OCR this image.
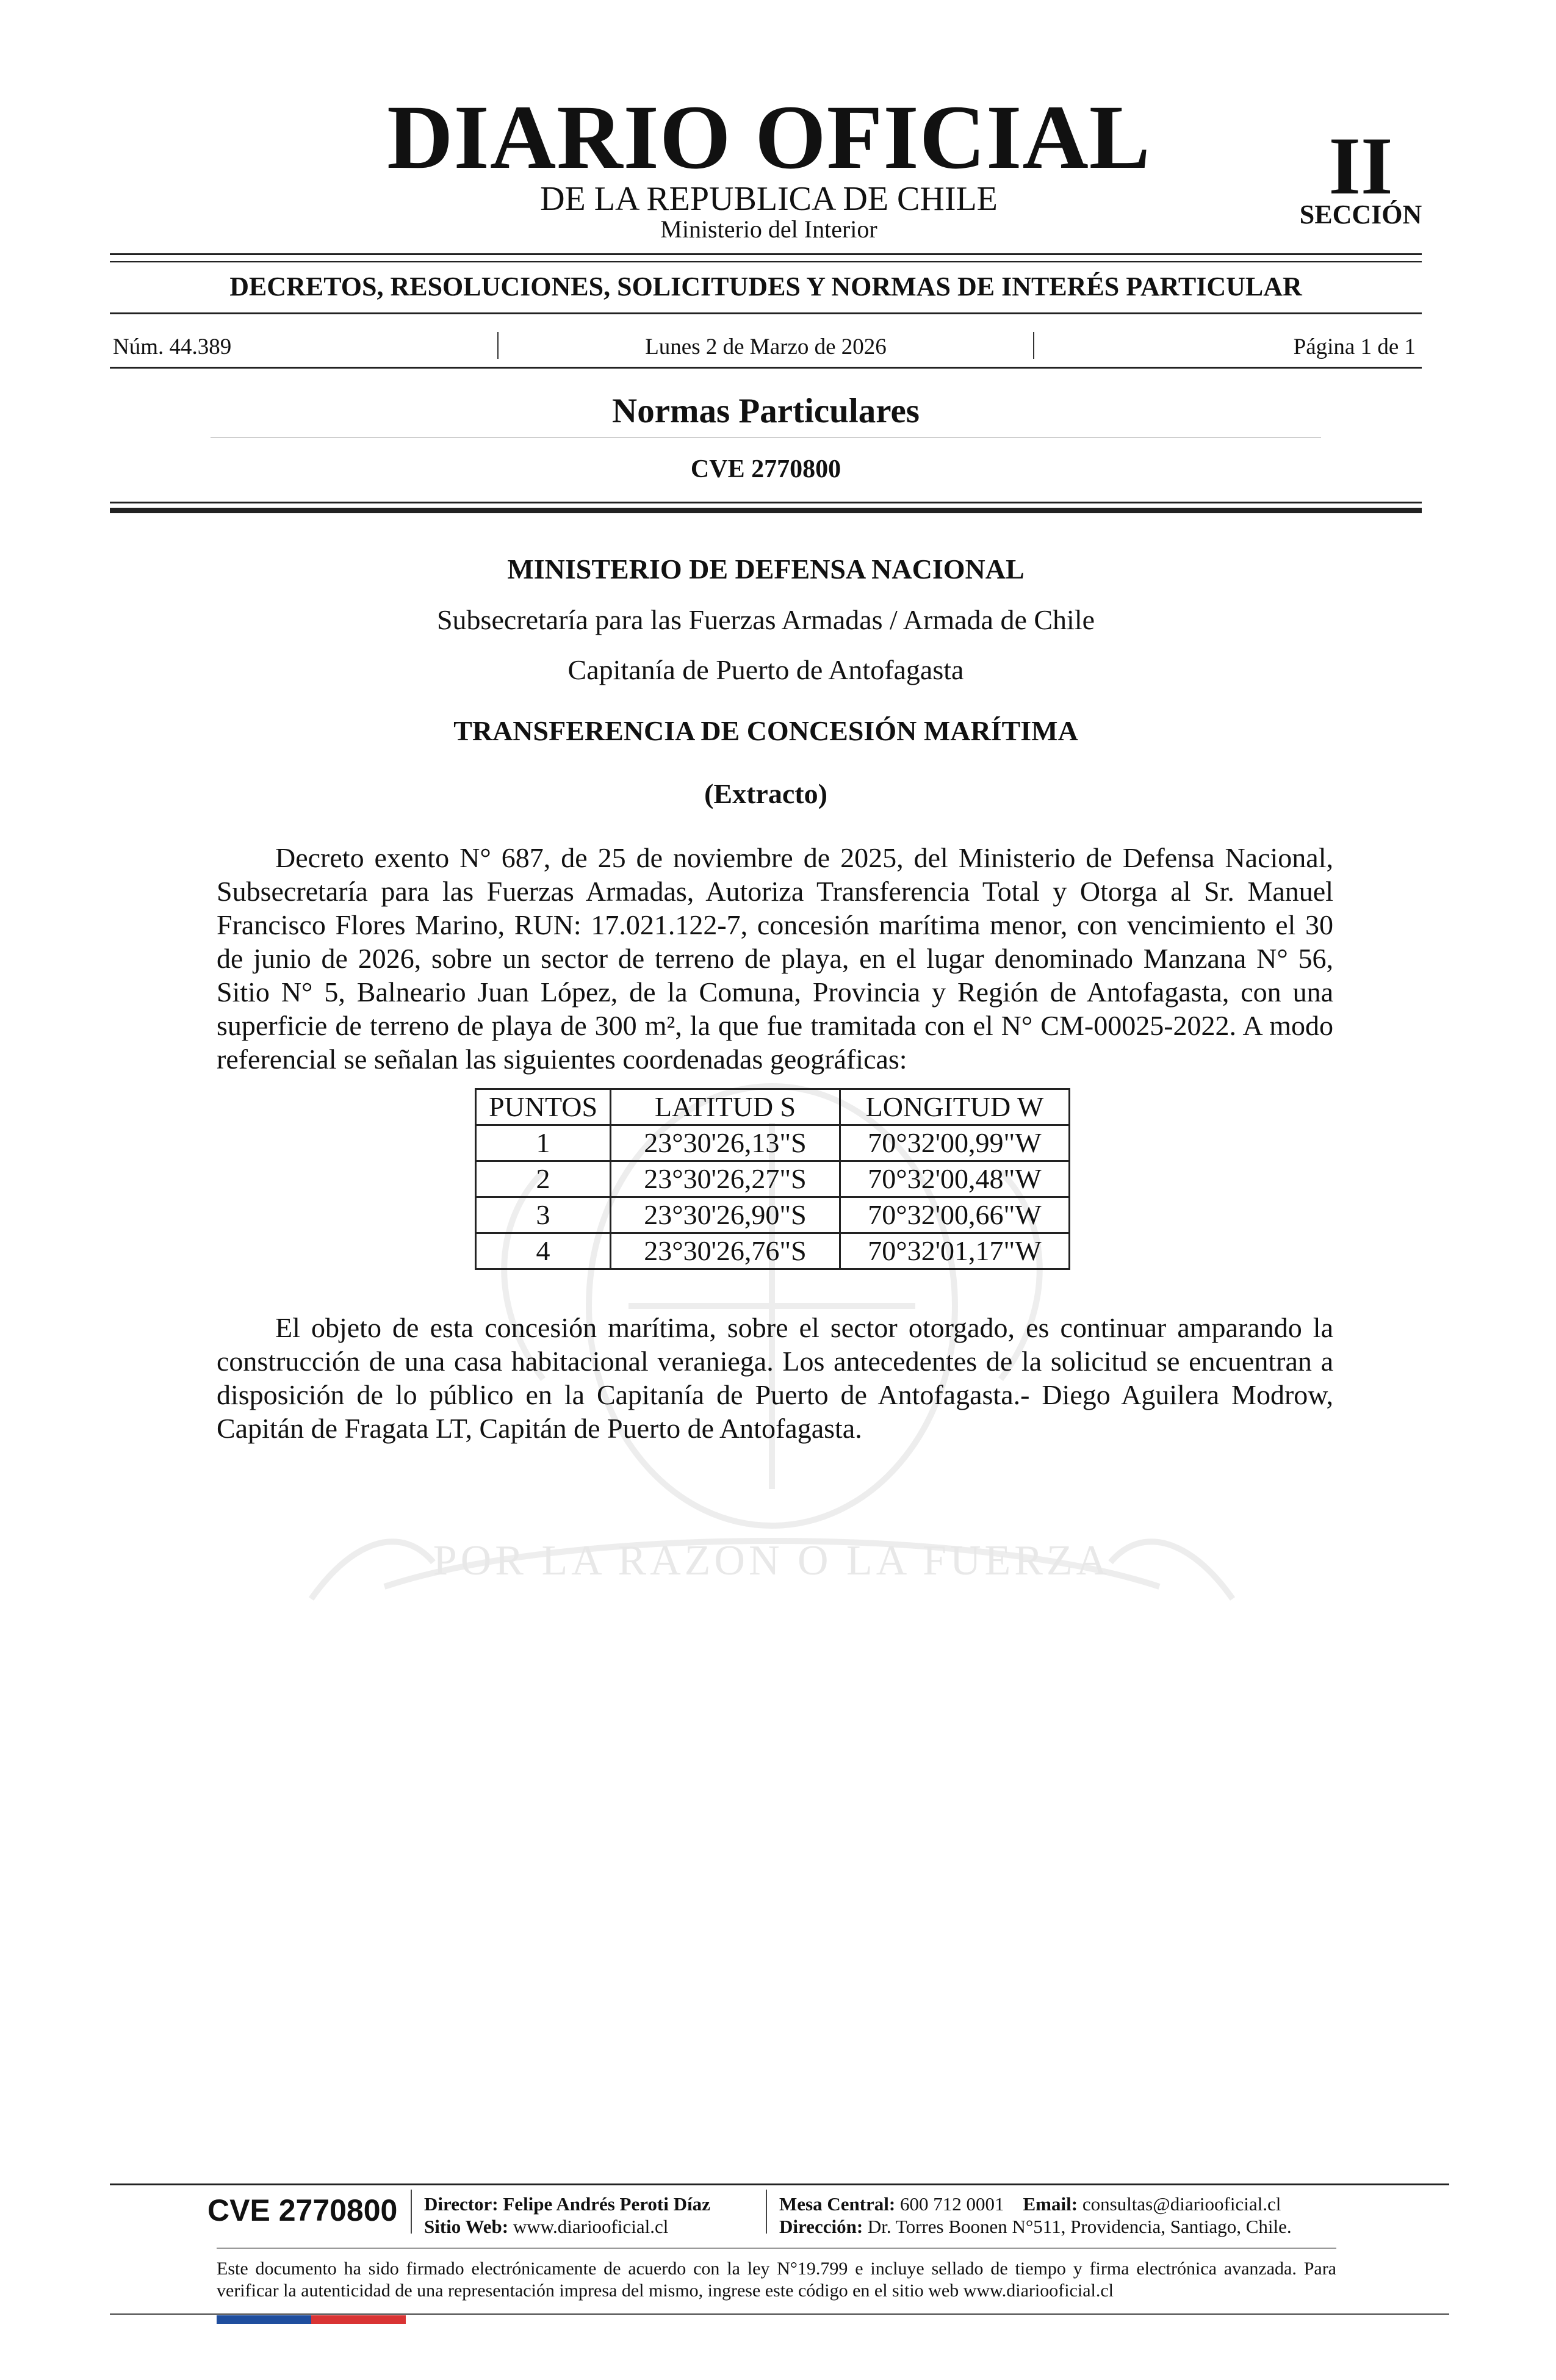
POR LA RAZON O LA FUERZA
DIARIO OFICIAL
DE LA REPUBLICA DE CHILE
Ministerio del Interior
II
SECCIÓN
DECRETOS, RESOLUCIONES, SOLICITUDES Y NORMAS DE INTERÉS PARTICULAR
Núm. 44.389	Lunes 2 de Marzo de 2026	Página 1 de 1
Normas Particulares
CVE 2770800
MINISTERIO DE DEFENSA NACIONAL
Subsecretaría para las Fuerzas Armadas / Armada de Chile
Capitanía de Puerto de Antofagasta
TRANSFERENCIA DE CONCESIÓN MARÍTIMA
(Extracto)
Decreto exento N° 687, de 25 de noviembre de 2025, del Ministerio de Defensa Nacional, Subsecretaría para las Fuerzas Armadas, Autoriza Transferencia Total y Otorga al Sr. Manuel Francisco Flores Marino, RUN: 17.021.122-7, concesión marítima menor, con vencimiento el 30 de junio de 2026, sobre un sector de terreno de playa, en el lugar denominado Manzana N° 56, Sitio N° 5, Balneario Juan López, de la Comuna, Provincia y Región de Antofagasta, con una superficie de terreno de playa de 300 m², la que fue tramitada con el N° CM-00025-2022. A modo referencial se señalan las siguientes coordenadas geográficas:
PUNTOS	LATITUD S	LONGITUD W
1	23°30'26,13"S	70°32'00,99"W
2	23°30'26,27"S	70°32'00,48"W
3	23°30'26,90"S	70°32'00,66"W
4	23°30'26,76"S	70°32'01,17"W
El objeto de esta concesión marítima, sobre el sector otorgado, es continuar amparando la construcción de una casa habitacional veraniega. Los antecedentes de la solicitud se encuentran a disposición de lo público en la Capitanía de Puerto de Antofagasta.- Diego Aguilera Modrow, Capitán de Fragata LT, Capitán de Puerto de Antofagasta.
CVE 2770800 Director: Felipe Andrés Peroti Díaz
Sitio Web: www.diariooficial.cl
Mesa Central: 600 712 0001 Email: consultas@diariooficial.cl
Dirección: Dr. Torres Boonen N°511, Providencia, Santiago, Chile.
Este documento ha sido firmado electrónicamente de acuerdo con la ley N°19.799 e incluye sellado de tiempo y firma electrónica avanzada. Para verificar la autenticidad de una representación impresa del mismo, ingrese este código en el sitio web www.diariooficial.cl
